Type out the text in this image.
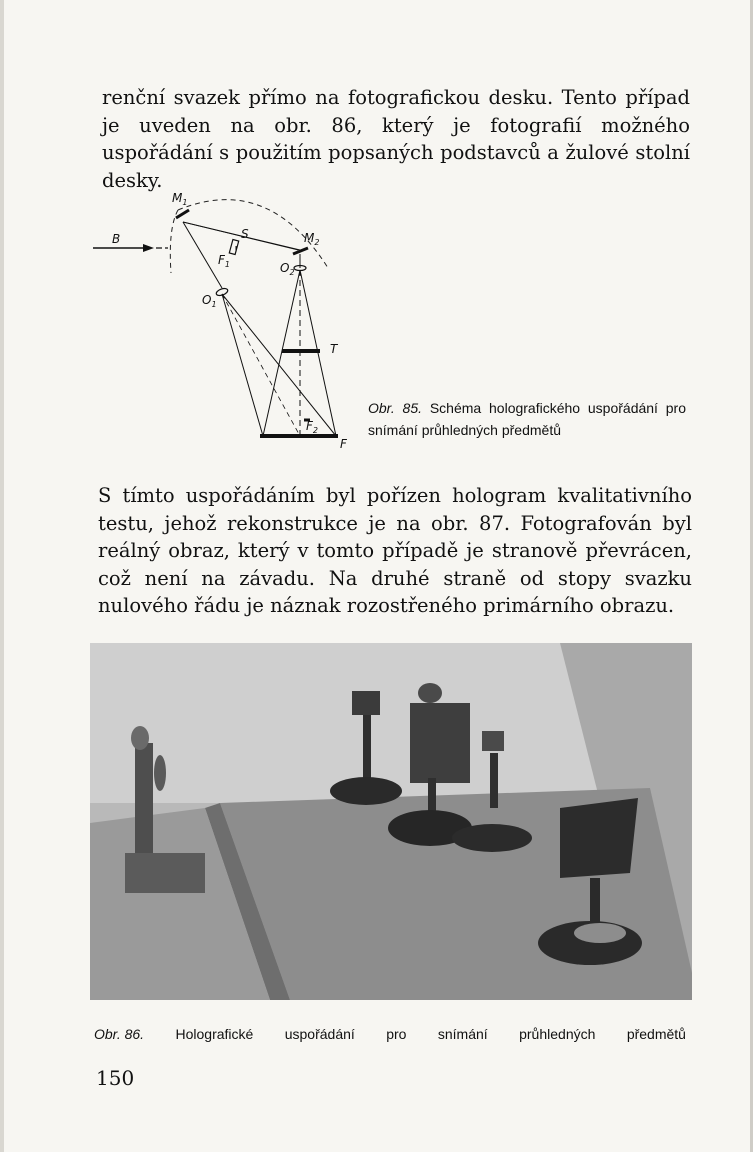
renční svazek přímo na fotografickou desku. Tento případ je uveden na obr. 86, který je fotografií možného uspořádání s použitím popsaných podstavců a žulové stolní desky.

B
$M_1$
S	$M_2$
$F_1$	$O_2$
$O_1$
T
$F_2$
F
Obr. 85. Schéma holografického uspořádání pro snímání průhledných předmětů

S tímto uspořádáním byl pořízen hologram kvalitativního testu, jehož rekonstrukce je na obr. 87. Fotografován byl reálný obraz, který v tomto případě je stranově převrácen, což není na závadu. Na druhé straně od stopy svazku nulového řádu je náznak rozostřeného primárního obrazu.

Obr. 86. Holografické uspořádání pro snímání průhledných předmětů
150
